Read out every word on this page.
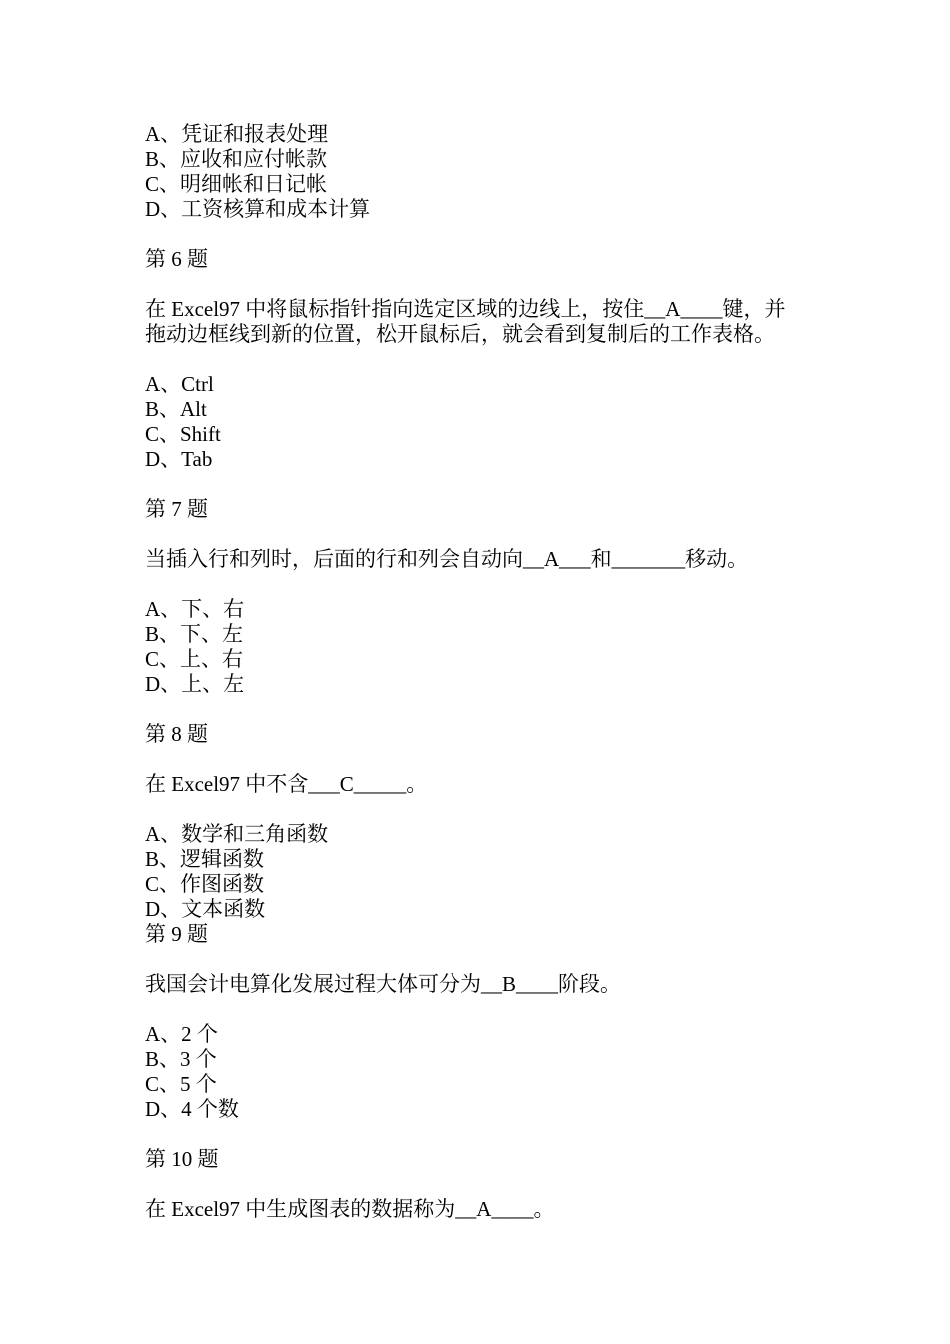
A、凭证和报表处理
B、应收和应付帐款
C、明细帐和日记帐
D、工资核算和成本计算
第 6 题
在 Excel97 中将鼠标指针指向选定区域的边线上，按住__A____键，并
拖动边框线到新的位置，松开鼠标后，就会看到复制后的工作表格。
A、Ctrl
B、Alt
C、Shift
D、Tab
第 7 题
当插入行和列时，后面的行和列会自动向__A___和_______移动。
A、下、右
B、下、左
C、上、右
D、上、左
第 8 题
在 Excel97 中不含___C_____。
A、数学和三角函数
B、逻辑函数
C、作图函数
D、文本函数
第 9 题
我国会计电算化发展过程大体可分为__B____阶段。
A、2 个
B、3 个
C、5 个
D、4 个数
第 10 题
在 Excel97 中生成图表的数据称为__A____。
